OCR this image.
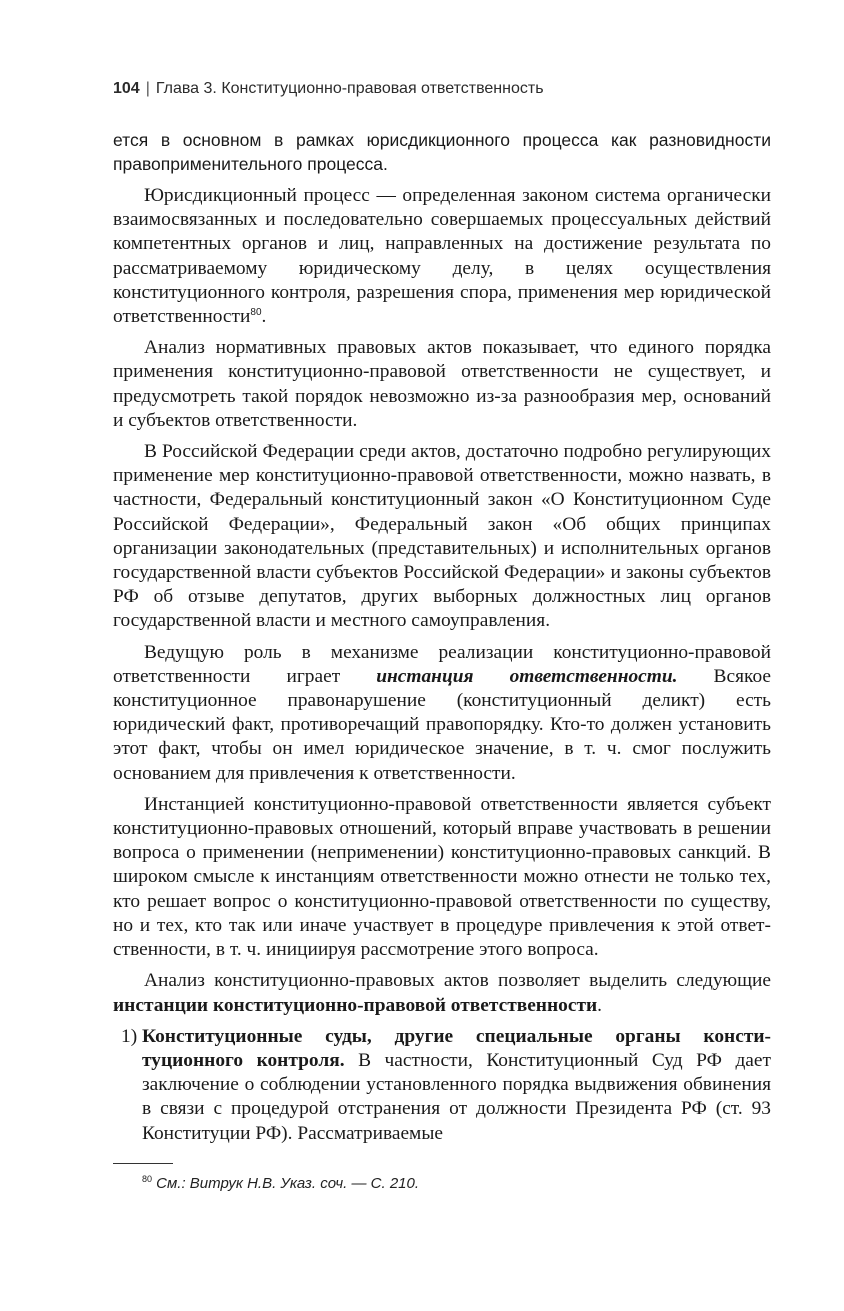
104 | Глава 3. Конституционно-правовая ответственность
ется в основном в рамках юрисдикционного процесса как разновидности правоприменительного процесса.

Юрисдикционный процесс — определенная законом система органически взаимосвязанных и последовательно совершаемых процессуальных действий компетентных органов и лиц, направленных на достижение результата по рассматриваемому юридическому делу, в целях осуществления конституционного контроля, разрешения спора, применения мер юридической ответственности$^{80}$.

Анализ нормативных правовых актов показывает, что единого порядка применения конституционно-правовой ответственности не существует, и предусмотреть такой порядок невозможно из-за разнообразия мер, оснований и субъектов ответственности.

В Российской Федерации среди актов, достаточно подробно регулирующих применение мер конституционно-правовой ответственности, можно назвать, в частности, Федеральный конституционный закон «О Конституционном Суде Российской Федерации», Федеральный закон «Об общих принципах организации законодательных (представительных) и исполнительных органов государственной власти субъектов Российской Федерации» и законы субъектов РФ об отзыве депутатов, других выборных должностных лиц органов государственной власти и местного самоуправления.

Ведущую роль в механизме реализации конституционно-правовой ответственности играет инстанция ответственности. Всякое конституционное правонарушение (конституционный деликт) есть юридический факт, противоречащий правопорядку. Кто-то должен установить этот факт, чтобы он имел юридическое значение, в т. ч. смог послужить основанием для привлечения к ответственности.

Инстанцией конституционно-правовой ответственности является субъект конституционно-правовых отношений, который вправе участвовать в решении вопроса о применении (неприменении) конституционно-правовых санкций. В широком смысле к инстанциям ответственности можно отнести не только тех, кто решает вопрос о конституционно-правовой ответственности по существу, но и тех, кто так или иначе участвует в процедуре привлечения к этой ответственности, в т. ч. инициируя рассмотрение этого вопроса.

Анализ конституционно-правовых актов позволяет выделить следующие инстанции конституционно-правовой ответственности.

1) Конституционные суды, другие специальные органы конституционного контроля. В частности, Конституционный Суд РФ дает заключение о соблюдении установленного порядка выдвижения обвинения в связи с процедурой отстранения от должности Президента РФ (ст. 93 Конституции РФ). Рассматриваемые

$^{80}$ См.: Витрук Н.В. Указ. соч. — С. 210.
